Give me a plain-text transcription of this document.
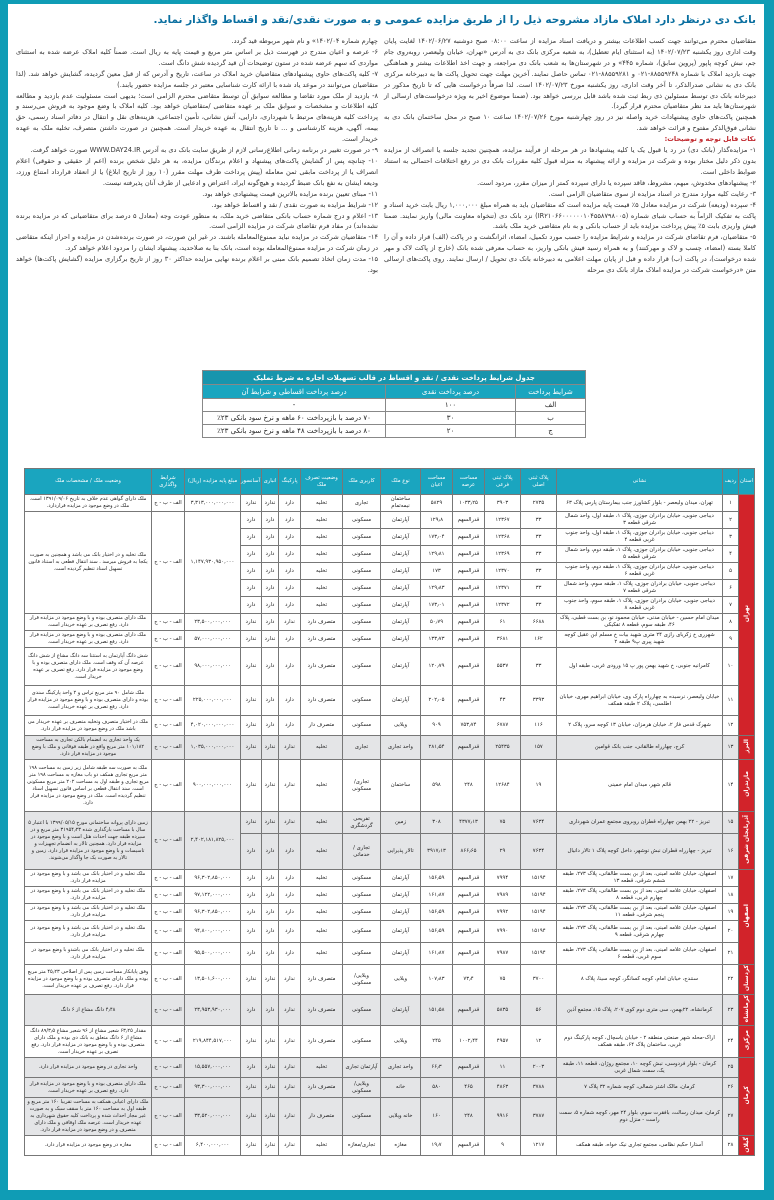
بانک دی درنظر دارد املاک مازاد مشروحه ذیل را از طریق مزایده عمومی و به صورت نقدی/نقد و اقساط واگذار نماید.

متقاضیان محترم می‌توانند جهت کسب اطلاعات بیشتر و دریافت اسناد مزایده از ساعت ۰۸:۰۰ صبح دوشنبه ۱۴۰۲/۰۶/۲۷ لغایت پایان وقت اداری روز یکشنبه ۱۴۰۲/۰۷/۲۳ (به استثنای ایام تعطیل)، به شعبه مرکزی بانک دی به آدرس «تهران، خیابان ولیعصر، روبه‌روی جام جم، نبش کوچه پاپور (پروین سابق)، شماره ۴۴۵» و در شهرستان‌ها به شعب بانک دی مراجعه، و جهت اخذ اطلاعات بیشتر و هماهنگی جهت بازدید املاک با شماره ۸۸۵۵۹۲۴۸-۰۲۱ و ۸۸۵۵۹۲۸۱-۰۲۱ تماس حاصل نمایند. آخرین مهلت جهت تحویل پاکت ها به دبیرخانه مرکزی بانک دی به نشانی صدرالذکر، تا آخر وقت اداری، روز یکشنبه مورخ ۱۴۰۲/۰۷/۲۳ است. لذا صرفاً درخواست هایی که تا تاریخ مذکور در دبیرخانه بانک دی توسط مسئولین ذی ربط ثبت شده باشد قابل بررسی خواهد بود. (ضمنا موضوع اخیر به ویژه درخواست‌های ارسالی از شهرستان‌ها باید مد نظر متقاضیان محترم قرار گیرد).

همچنین پاکت‌های حاوی پیشنهادات خرید واصله نیز در روز چهارشنبه مورخ ۱۴۰۲/۰۷/۲۶ ساعت ۱۰ صبح در محل ساختمان بانک دی به نشانی فوق‌الذکر مفتوح و قرائت خواهد شد.

نکات قابل توجه و توضیحات:

۱- مزایده‌گذار (بانک دی) در رد یا قبول یک یا کلیه پیشنهادها در هر مرحله از فرآیند مزایده، همچنین تجدید جلسه یا انصراف از مزایده بدون ذکر دلیل مختار بوده و شرکت در مزایده و ارائه پیشنهاد به منزله قبول کلیه مقررات بانک دی در رفع اختلافات احتمالی به استناد ضوابط داخلی است.

۲- پیشنهادهای مخدوش، مبهم، مشروط، فاقد سپرده یا دارای سپرده کمتر از میزان مقرر، مردود است.

۳- رعایت کلیه موارد مندرج در اسناد مزایده از سوی متقاضیان الزامی است.

۴- سپرده (ودیعه) شرکت در مزایده معادل ۵٪ قیمت پایه مزایده است که متقاضیان باید به همراه مبلغ ۱,۰۰۰,۰۰۰ ریال بابت خرید اسناد و پاکت به تفکیک الزاماً به حساب شبای شماره (IR۲۱۰۶۶۰۰۰۰۰۰۱۰۴۵۵۸۷۹۸۰۰۵) نزد بانک دی (تنخواه معاونت مالی) واریز نمایند. ضمنا فیش واریزی بابت ۵٪ پیش پرداخت مزایده باید از حساب بانکی و به نام متقاضی خرید ملک باشد.

۵- متقاضیان، فرم تقاضای شرکت در مزایده و شرایط مزایده را حسب مورد تکمیل، امضاء، اثرانگشت و در پاکت (الف) قرار داده و آن را کاملا بسته (امضاء، چسب و لاک و مهرکنند) و به همراه رسید فیش بانکی واریز، به حساب معرفی شده بانک (خارج از پاکت لاک و مهر شده درخواست)، در پاکت (ب) قرار داده و قبل از پایان مهلت اعلامی به دبیرخانه بانک دی تحویل / ارسال نمایند. روی پاکت‌های ارسالی متن «درخواست شرکت در مزایده املاک مازاد بانک دی مرحله

چهارم شماره ۱۴۰۲/۰۴» و نام شهر مربوطه قید گردد.

۶- عرصه و اعیان مندرج در فهرست ذیل بر اساس متر مربع و قیمت پایه به ریال است. ضمناً کلیه املاک عرضه شده به استثنای مواردی که سهم عرضه شده در ستون توضیحات آن قید گردیده شش دانگ است.

۷- کلیه پاکت‌های حاوی پیشنهادهای متقاضیان خرید املاک در ساعت، تاریخ و آدرس که از قبل معین گردیده، گشایش خواهد شد. (لذا متقاضیان می‌توانند در موعد یاد شده با ارائه کارت شناسایی معتبر در جلسه مزایده حضور یابند.)

۸- بازدید از ملک مورد تقاضا و مطالعه سوابق آن توسط متقاضی محترم الزامی است؛ بدیهی است مسئولیت عدم بازدید و مطالعه کلیه اطلاعات و مشخصات و سوابق ملک بر عهده متقاضی /متقاضیان خواهد بود. کلیه املاک با وضع موجود به فروش می‌رسند و پرداخت کلیه هزینه‌های مرتبط با شهرداری، دارایی، آتش نشانی، تأمین اجتماعی، هزینه‌های نقل و انتقال در دفاتر اسناد رسمی، حق بیمه، آگهی، هزینه کارشناسی و ... تا تاریخ انتقال به عهده خریدار است. همچنین در صورت داشتن متصرف، تخلیه ملک به عهده خریدار است.

۹- در صورت تغییر در برنامه زمانی اطلاع‌رسانی لازم از طریق سایت بانک دی به آدرس WWW.DAY24.IR صورت خواهد گرفت.

۱۰- چنانچه پس از گشایش پاکت‌های پیشنهاد و اعلام برندگان مزایده، به هر دلیل شخص برنده (اعم از حقیقی و حقوقی) اعلام انصراف یا از پرداخت مابقی ثمن معامله (پیش پرداخت ظرف مهلت مقرر (۱۰ روز از تاریخ ابلاغ) یا از انعقاد قرارداد امتناع ورزد، ودیعه ایشان به نفع بانک ضبط گردیده و هیچ‌گونه ایراد، اعتراض و ادعایی از طرف آنان پذیرفته نیست.

۱۱- مبنای تعیین برنده مزایده بالاترین قیمت پیشنهادی خواهد بود.

۱۲- شرایط مزایده به صورت نقدی / نقد و اقساط خواهد بود.

۱۳- اعلام و درج شماره حساب بانکی متقاضی خرید ملک، به منظور عودت وجه (معادل ۵ درصد برای متقاضیانی که در مزایده برنده نشده‌اند) در مفاد فرم تقاضای شرکت در مزایده الزامی است.

۱۴- متقاضیان شرکت در مزایده نباید ممنوع‌المعامله باشند. در غیر این صورت، در صورت برنده‌شدن در مزایده و احراز اینکه متقاضی در زمان شرکت در مزایده ممنوع‌المعامله بوده است، بانک بنا به صلاحدید، پیشنهاد ایشان را مردود اعلام خواهد کرد.

۱۵- مدت زمان اتخاذ تصمیم بانک مبنی بر اعلام برنده نهایی مزایده حداکثر ۳۰ روز از تاریخ برگزاری مزایده (گشایش پاکت‌ها) خواهد بود.

جدول شرایط پرداخت نقدی / نقد و اقساط در قالب تسهیلات اجاره به شرط تملیک		
شرایط پرداخت	درصد پرداخت نقدی	درصد پرداخت اقساطی و شرایط آن
الف	۱۰۰	-
ب	۳۰	۷۰ درصد با بازپرداخت ۶۰ ماهه و نرخ سود بانکی ۲۳٪
ج	۲۰	۸۰ درصد با بازپرداخت ۴۸ ماهه و نرخ سود بانکی ۲۳٪
استان	ردیف	نشانی	پلاک ثبتی اصلی	پلاک ثبتی فرعی	مساحت عرصه	مساحت اعیان	نوع ملک	کاربری ملک	وضعیت تصرف ملک	پارکینگ	انباری	آسانسور	مبلغ پایه مزایده (ریال)	شرایط واگذاری	وضعیت ملک / مشخصات ملک
تهران	۱	تهران، میدان ولیعصر - بلوار کشاورز جنب بیمارستان پارس پلاک ۶۳	۲۷۳۵	۳۹۰۳	۱۰۳۳٫۲۵	۵۸۲۹	ساختمان نیمه‌تمام	تجاری	تخلیه	دارد	ندارد	ندارد	۳,۳۱۳,۰۰۰,۰۰۰,۰۰۰	الف - ب - ج	ملک دارای گواهی عدم خلاف به تاریخ ۱۳۹۱/۰۹/۰۶ است. ملک در وضع موجود در مزایده قراردارد.
	۲	دیباجی جنوبی، خیابان برادران جوزی، پلاک ۱، طبقه اول، واحد شمال شرقی قطعه ۳	۳۳	۱۲۳۶۷	قدرالسهم	۱۲۹٫۸	آپارتمان	مسکونی	تخلیه	دارد	دارد	دارد	۱,۱۴۷,۹۳۰,۹۵۰,۰۰۰	الف - ب - ج	ملک تخلیه و در اختیار بانک می باشد و همچنین به صورت یکجا به فروش میرسد . سند انتقال قطعی به استناد قانون تسهیل اسناد تنظیم گردیده است.
	۳	دیباجی جنوبی، خیابان برادران جوزی، پلاک ۱، طبقه اول، واحد جنوب غربی قطعه ۴	۳۳	۱۲۳۶۸	قدرالسهم	۱۷۳٫۰۴	آپارتمان	مسکونی	تخلیه	دارد	دارد	دارد			
	۴	دیباجی جنوبی، خیابان برادران جوزی، پلاک ۱، طبقه دوم، واحد شمال شرقی قطعه ۵	۳۳	۱۲۳۶۹	قدرالسهم	۱۲۹٫۸۱	آپارتمان	مسکونی	تخلیه	دارد	دارد	دارد			
	۵	دیباجی جنوبی، خیابان برادران جوزی، پلاک ۱، طبقه دوم، واحد جنوب غربی قطعه ۶	۳۳	۱۲۳۷۰	قدرالسهم	۱۷۳	آپارتمان	مسکونی	تخلیه	دارد	دارد	دارد			
	۶	دیباجی جنوبی، خیابان برادران جوزی، پلاک ۱، طبقه سوم، واحد شمال شرقی قطعه ۷	۳۳	۱۲۳۷۱	قدرالسهم	۱۲۹٫۸۳	آپارتمان	مسکونی	تخلیه	دارد	دارد	دارد			
	۷	دیباجی جنوبی، خیابان برادران جوزی، پلاک ۱، طبقه سوم، واحد جنوب غربی قطعه ۸	۳۳	۱۲۳۷۲	قدرالسهم	۱۷۳٫۰۱	آپارتمان	مسکونی	تخلیه	دارد	دارد	دارد			
	۸	میدان امام حسین - خیابان مدنی، خیابان محمود نو، بن بست قطبی، پلاک ۴۶، طبقه سوم، قطعه ۸ تفکیکی	۶۶۸۸	۶۱	قدرالسهم	۵۰٫۷۹	آپارتمان	مسکونی	متصرف دارد	ندارد	دارد	ندارد	۲۳,۵۰۰,۰۰۰,۰۰۰	الف - ب - ج	ملک دارای متصرف بوده و با وضع موجود در مزایده قرار دارد. رفع تصرف بر عهده خریدار است.
	۹	شهرری خ زکریای رازی ۲۴ متری شهید بیات خ مسلم ابن عقیل کوچه شهید پیری پ۹ طبقه ۲	۱۶۲	۳۶۸۱	قدرالسهم	۱۳۳٫۷۳	آپارتمان	مسکونی	متصرف دارد	دارد	ندارد	ندارد	۵۷,۰۰۰,۰۰۰,۰۰۰	الف - ب - ج	ملک دارای متصرف بوده و با وضع موجود در مزایده قرار دارد. رفع تصرف بر عهده خریدار است.
	۱۰	کامرانیه جنوبی، خ شهید بهمن پور پ ۱۵ ورودی غربی، طبقه اول	۳۳	۵۵۳۷	قدرالسهم	۱۲۰٫۷۹	آپارتمان	مسکونی	متصرف دارد	دارد	دارد	ندارد	۹۸,۰۰۰,۰۰۰,۰۰۰	الف - ب - ج	شش دانگ آپارتمان به استثنا سه دانگ مشاع از شش دانگ عرصه آن که وقف است. ملک دارای متصرف بوده و با وضع موجود در مزایده قرار دارد. رفع تصرف بر عهده خریدار است.
	۱۱	خیابان ولیعصر، نرسیده به چهارراه پارک وی، خیابان ابراهیم مهری، خیابان اطلسی، پلاک ۲ طبقه همکف	۳۳۹۳	۴۳	قدرالسهم	۲۰۲٫۰۵	آپارتمان	مسکونی	متصرف دارد	دارد	دارد	ندارد	۲۲۵,۰۰۰,۰۰۰,۰۰۰	الف - ب - ج	ملک شامل ۹۰ متر مربع تراس و ۲ واحد پارکینگ سندی بوده و دارای متصرف بوده و با وضع موجود در مزایده قرار دارد. رفع تصرف بر عهده خریدار است.
	۱۲	شهرک قدس فاز ۲، خیابان هرمزان، خیابان ۱۳ کوچه سرو، پلاک ۲	۱۱۶	۶۷۸۷	۷۵۳٫۷۴	۹۰۹	ویلایی	مسکونی	متصرف دار	دارد	دارد	ندارد	۴,۰۲۰,۰۰۰,۰۰۰,۰۰۰	الف - ب - ج	ملک در اختیار متصرف وتخلیه متصرف بر عهده خریدار می باشد ملک در وضع موجود در مزایده قرار دارد.
البرز	۱۳	کرج، چهارراه طالقانی، جنب بانک قوامین	۱۵۷	۲۵۴۳۵	قدرالسهم	۲۸۱٫۵۴	واحد تجاری	تجاری	تخلیه	ندارد	ندارد	ندارد	۱,۰۳۵,۰۰۰,۰۰۰,۰۰۰	الف - ب - ج	یک واحد تجاری به انضمام بالکن تجاری به مساحت ۱۰۱٫۱۸۲ متر مربع واقع در طبقه فوقانی و ملک با وضع موجود در مزایده قرار دارد.
مازندران	۱۴	قائم شهر، میدان امام خمینی	۱۹	۱۲۶۸۴	۲۴۸	۵۹۸	ساختمان	تجاری/مسکونی	تخلیه	ندارد	ندارد	ندارد	۹۰۰,۰۰۰,۰۰۰,۰۰۰	الف - ب - ج	ملک به صورت سه طبقه شامل زیر زمین به مساحت ۱۹۸ متر مربع تجاری همکف دو باب مغازه به مساحت ۱۹۸ متر مربع تجاری و طبقه اول به مساحت ۲۰۲ متر مربع مسکونی است. سند انتقال قطعی بر اساس قانون تسهیل اسناد تنظیم گردیده است. ملک در وضع موجود در مزایده قرار دارد.
آذربایجان شرقی	۱۵	تبریز - ۲۲ بهمن چهارراه قطران روبروی مجتمع عمران شهرداری	۷۶۳۴	۷۵	۴۳۷۷٫۱۳	۳۰۸	زمین	تفریحی گردشگری	تخلیه	ندارد	ندارد	ندارد	۲,۴۰۲,۱۸۱,۸۲۵,۰۰۰	الف - ب - ج	زمین دارای پروانه ساختمانی مورخ ۱۳۹۹/۰۵/۱۵ با اعتبار ۵ سال با مساحت بارگذاری شده ۳۱۹۵۴٫۲۳ متر مربع و در سپرده طبقه جهت احداث هتل است و با وضع موجود در مزایده قرار دارد. همچنین تالار به انضمام تجهیزات و تاسیسات و با وضع موجود در مزایده قرار دارد. زمین و تالار به صورت یک جا واگذار می‌شوند.
	۱۶	تبریز - چهارراه قطران نبش نوشهر، داخل کوچه پلاک ۱ تالار دانیال	۷۶۳۴	۲۹	۸۶۶٫۶۵	۳۹۱۷٫۱۳	تالار پذیرایی	تجاری / خدماتی	تخلیه	دارد	دارد	دارد			
اصفهان	۱۷	اصفهان، خیابان علامه امینی، بعد از بن بست طالقانی، پلاک ۲۷۳، طبقه ششم شرقی، قطعه ۱۳	۱۵۱۹۴	۷۹۹۴	قدرالسهم	۱۵۶٫۵۹	آپارتمان	مسکونی	تخلیه	دارد	دارد	دارد	۹۶,۳۰۲,۸۵۰,۰۰۰	الف - ب - ج	ملک تخلیه و در اختیار بانک می باشد و با وضع موجود در مزایده قرار دارد.
	۱۸	اصفهان، خیابان علامه امینی، بعد از بن بست طالقانی، پلاک ۲۷۳، طبقه چهارم غربی، قطعه ۸	۱۵۱۹۴	۷۹۸۹	قدرالسهم	۱۶۱٫۸۷	آپارتمان	مسکونی	تخلیه	دارد	دارد	دارد	۹۷,۱۲۲,۰۰۰,۰۰۰	الف - ب - ج	ملک تخلیه و در اختیار بانک می باشد و با وضع موجود در مزایده قرار دارد.
	۱۹	اصفهان، خیابان علامه امینی، بعد از بن بست طالقانی، پلاک ۲۷۳، طبقه پنجم شرقی، قطعه ۱۱	۱۵۱۹۴	۷۹۹۲	قدرالسهم	۱۵۶٫۵۹	آپارتمان	مسکونی	تخلیه	دارد	دارد	دارد	۹۶,۳۰۲,۸۵۰,۰۰۰	الف - ب - ج	ملک تخلیه و در اختیار بانک می باشد و با وضع موجود در مزایده قرار دارد.
	۲۰	اصفهان، خیابان علامه امینی، بعد از بن بست طالقانی، پلاک ۲۷۳، طبقه چهارم شرقی، قطعه ۹	۱۵۱۹۴	۷۹۹۰	قدرالسهم	۱۵۶٫۵۹	آپارتمان	مسکونی	تخلیه	دارد	دارد	دارد	۹۴,۸۰۰,۰۰۰,۰۰۰	الف - ب - ج	ملک تخلیه و در اختیار بانک می باشد و با وضع موجود در مزایده قرار دارد.
	۲۱	اصفهان، خیابان علامه امینی، بعد از بن بست طالقانی، پلاک ۲۷۳، طبقه سوم غربی، قطعه ۶	۱۵۱۹۴	۷۹۸۷	قدرالسهم	۱۶۱٫۸۷	آپارتمان	مسکونی	تخلیه	دارد	دارد	دارد	۹۵,۵۰۰,۰۰۰,۰۰۰	الف - ب - ج	ملک تخلیه و در اختیار بانک می باشدو با وضع موجود در مزایده قرار دارد.
کردستان	۲۲	سنندج، خیابان امام، کوچه کسانگر، کوچه سینا، پلاک ۸	۳۷۰۰	۷۵	۷۳٫۴	۱۰۷٫۸۳	ویلایی	ویلایی/مسکونی	متصرف دارد	ندارد	ندارد	ندارد	۱۳,۵۰۱,۶۰۰,۰۰۰	الف - ب - ج	وفق پایانکار مساحت زمین پس از اصلاحی ۴۵٫۲۳ متر مربع بوده و ملک دارای متصرف بوده و با وضع موجود در مزایده قرار دارد. رفع تصرف بر عهده خریدار است.
کرمانشاه	۲۳	کرمانشاه، ۲۲بهمن، سی متری دوم کوی ۲۰۷، پلاک ۱۵، مجتمع آذین	۵۶	۵۸۳۵	قدرالسهم	۱۵۱٫۵۸	آپارتمان	مسکونی	متصرف دارد	ندارد	دارد	دارد	۲۳,۹۵۳,۹۳۰,۰۰۰	الف - ب - ج	۴٫۴۸ دانگ مشاع از ۶ دانگ
مرکزی	۲۴	اراک-محله شهر صنعتی منطقه ۲ - خیابان یاسچال، کوچه پارکینگ دوم غربی، ساختمان پلاک ۶۴، طبقه همکف	۱۲	۴۹۵۷	۱۰۰۲٫۴۴	۲۴۵	ویلایی	مسکونی	متصرف دارد	ندارد	ندارد	ندارد	۲۱۹,۸۴۴,۵۱۷,۰۰۰	الف - ب - ج	مقدار ۶۳٫۲۵ شعیر مشاع از ۹۶ شعیر مشاع ۸۹/۳٫۵ دانگ مشاع از ۶ دانگ متعلق به بانک دی بوده و ملک دارای متصرف بوده و با وضع موجود در مزایده قرار دارد. رفع تصرف بر عهده خریدار است.
کرمان	۲۵	کرمان - بلوار فردوسی، نبش کوچه ۱۰، مجتمع روژان، قطعه ۱۱، طبقه یک، سمت شمال غربی	۲۰۰۳	۱۱	قدرالسهم	۶۶٫۳	واحد تجاری	آپارتمان تجاری	تخلیه	ندارد	ندارد	دارد	۱۵,۵۵۷,۰۰۰,۰۰۰	الف - ب - ج	واحد تجاری در وضع موجود در مزایده قرار دارد.
	۲۶	کرمان، مالک اشتر شمالی، کوچه شماره ۳۲ پلاک ۷	۳۷۸۸	۴۸۶۳	۴۶۵	۵۸۰	خانه	ویلایی/مسکونی	متصرف دارد	ندارد	ندارد	ندارد	۹۳,۳۰۰,۰۰۰,۰۰۰	الف - ب - ج	ملک دارای متصرف بوده و با وضع موجود در مزایده قرار دارد. رفع تصرف بر عهده خریدار است.
	۲۷	کرمان، میدان رسالت، بافقرت سوم، بلوار ۲۴ مهر، کوچه شماره ۵، سمت راست - منزل دوم	۳۷۸۷	۹۹۱۶	۲۴۸	۱۶۰	خانه ویلایی	مسکونی	متصرف دار	ندارد	ندارد	ندارد	۳۳,۵۲۰,۰۰۰,۰۰۰	الف - ب - ج	ملک دارای اعیانی همکف به مساحت تقریبا ۱۶۰ متر مربع و طبقه اول به مساحت ۱۶۰ متر با سقف سبک و به صورت غیر مجاز احداث شده و پرداخت کلیه حقوق شهرداری به عهده خریدار است. عرصه ملک اوقافی و ملک دارای متصرف و در وضع موجود در مزایده قرار دارد.
گیلان	۲۸	آستارا حکیم نظامی، مجتمع تجاری نیک خواه، طبقه همکف	۱۲۱۷	۹	قدرالسهم	۱۹٫۷	مغازه	تجاری/مغازه	تخلیه	ندارد	ندارد	ندارد	۶,۴۰۰,۰۰۰,۰۰۰	الف - ب - ج	مغازه در وضع موجود در مزایده قرار دارد.
